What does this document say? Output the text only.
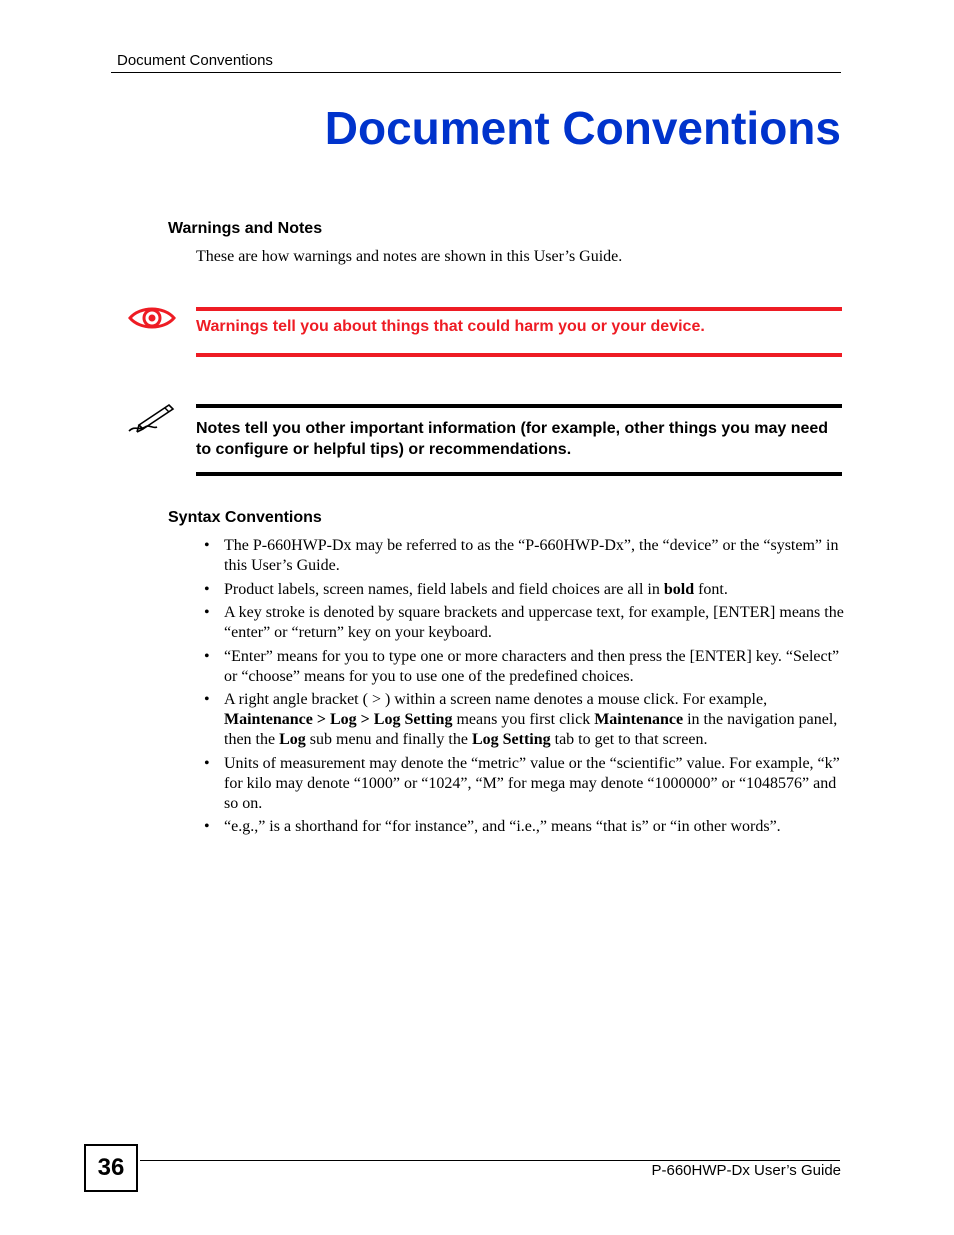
Document Conventions
Document Conventions
Warnings and Notes

These are how warnings and notes are shown in this User’s Guide.

Warnings tell you about things that could harm you or your device.

Notes tell you other important information (for example, other things you may need to configure or helpful tips) or recommendations.

Syntax Conventions
• The P-660HWP-Dx may be referred to as the “P-660HWP-Dx”, the “device” or the “system” in this User’s Guide.
• Product labels, screen names, field labels and field choices are all in bold font.
• A key stroke is denoted by square brackets and uppercase text, for example, [ENTER] means the “enter” or “return” key on your keyboard.
• “Enter” means for you to type one or more characters and then press the [ENTER] key. “Select” or “choose” means for you to use one of the predefined choices.
• A right angle bracket ( > ) within a screen name denotes a mouse click. For example, Maintenance > Log > Log Setting means you first click Maintenance in the navigation panel, then the Log sub menu and finally the Log Setting tab to get to that screen.
• Units of measurement may denote the “metric” value or the “scientific” value. For example, “k” for kilo may denote “1000” or “1024”, “M” for mega may denote “1000000” or “1048576” and so on.
• “e.g.,” is a shorthand for “for instance”, and “i.e.,” means “that is” or “in other words”.
36	P-660HWP-Dx User’s Guide
